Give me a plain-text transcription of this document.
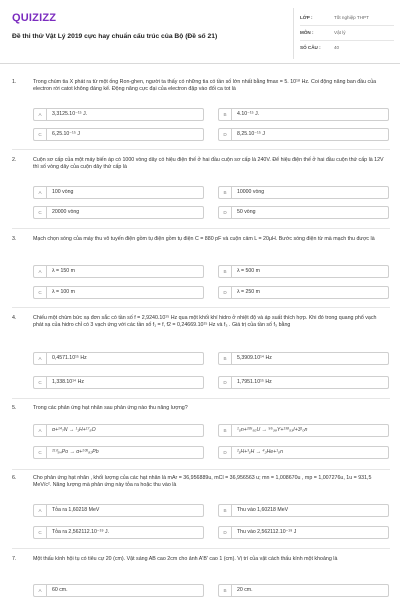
QUIZIZZ
Đề thi thử Vật Lý 2019 cực hay chuẩn cấu trúc của Bộ (Đề số 21)
LỚP :	Tốt nghiệp THPT
MÔN :	Vật lý
SỐ CÂU :	40
1.	Trong chùm tia X phát ra từ một ống Ron-ghen, người ta thấy có những tia có tần số lớn nhất bằng fmax = 5. 10¹⁸ Hz. Coi động năng ban đầu của electron rời catot không đáng kể. Động năng cực đại của electron đập vào đối ca tot là
A	3,3125.10⁻¹⁵ J.	B	4.10⁻¹⁵ J.
C	6,25.10⁻¹⁵ J	D	8,25.10⁻¹⁵ J
2.	Cuộn sơ cấp của một máy biến áp có 1000 vòng dây có hiệu điện thế ở hai đầu cuộn sơ cấp là 240V. Để hiệu điện thế ở hai đầu cuộn thứ cấp là 12V thì số vòng dây của cuộn dây thứ cấp là
A	100 vòng	B	10000 vòng
C	20000 vòng	D	50 vòng
3.	Mạch chọn sóng của máy thu vô tuyến điện gồm tụ điện gồm tụ điện C = 880 pF và cuộn cảm L = 20μH. Bước sóng điện từ mà mạch thu được là
A	λ = 150 m	B	λ = 500 m
C	λ = 100 m	D	λ = 250 m
4.	Chiếu một chùm bức xạ đơn sắc có tần số f = 2,9240.10¹⁵ Hz qua một khối khí hidro ở nhiệt độ và áp suất thích hợp. Khi đó trong quang phổ vạch phát xạ của hidro chỉ có 3 vạch ứng với các tần số f₁ = f, f2 = 0,24669.10¹⁵ Hz và f₃ . Giá trị của tần số f₃ bằng
A	0,4571.10¹⁵ Hz	B	5,3909.10¹⁴ Hz
C	1,338.10¹⁴ Hz	D	1,7951.10¹⁵ Hz
5.	Trong các phản ứng hạt nhân sau phản ứng nào thu năng lượng?
A	α+¹⁴₇N → ¹₁H+¹⁷₈O	B	¹₀n+²³⁵₉₂U → ⁹⁵₃₉Y+¹³⁸₅₃I+3¹₀n
C	²¹⁰₈₄Po → α+²⁰⁶₈₂Pb	D	²₁H+³₁H → ⁴₂He+¹₀n
6.	Cho phản ứng hạt nhân , khối lượng của các hạt nhân là mAr = 36,956889u, mCl = 36,956563 u; mn = 1,008670u , mp = 1,007276u, 1u = 931,5 MeV/c². Năng lượng mà phản ứng này tỏa ra hoặc thu vào là
A	Tỏa ra 1,60218 MeV	B	Thu vào 1,60218 MeV
C	Tỏa ra 2,562112.10⁻¹⁹ J.	D	Thu vào 2,562112.10⁻¹⁹ J
7.	Một thấu kính hội tụ có tiêu cự 20 (cm). Vật sáng AB cao 2cm cho ảnh A'B' cao 1 (cm). Vị trí của vật cách thấu kính một khoảng là
A	60 cm.	B	20 cm.
